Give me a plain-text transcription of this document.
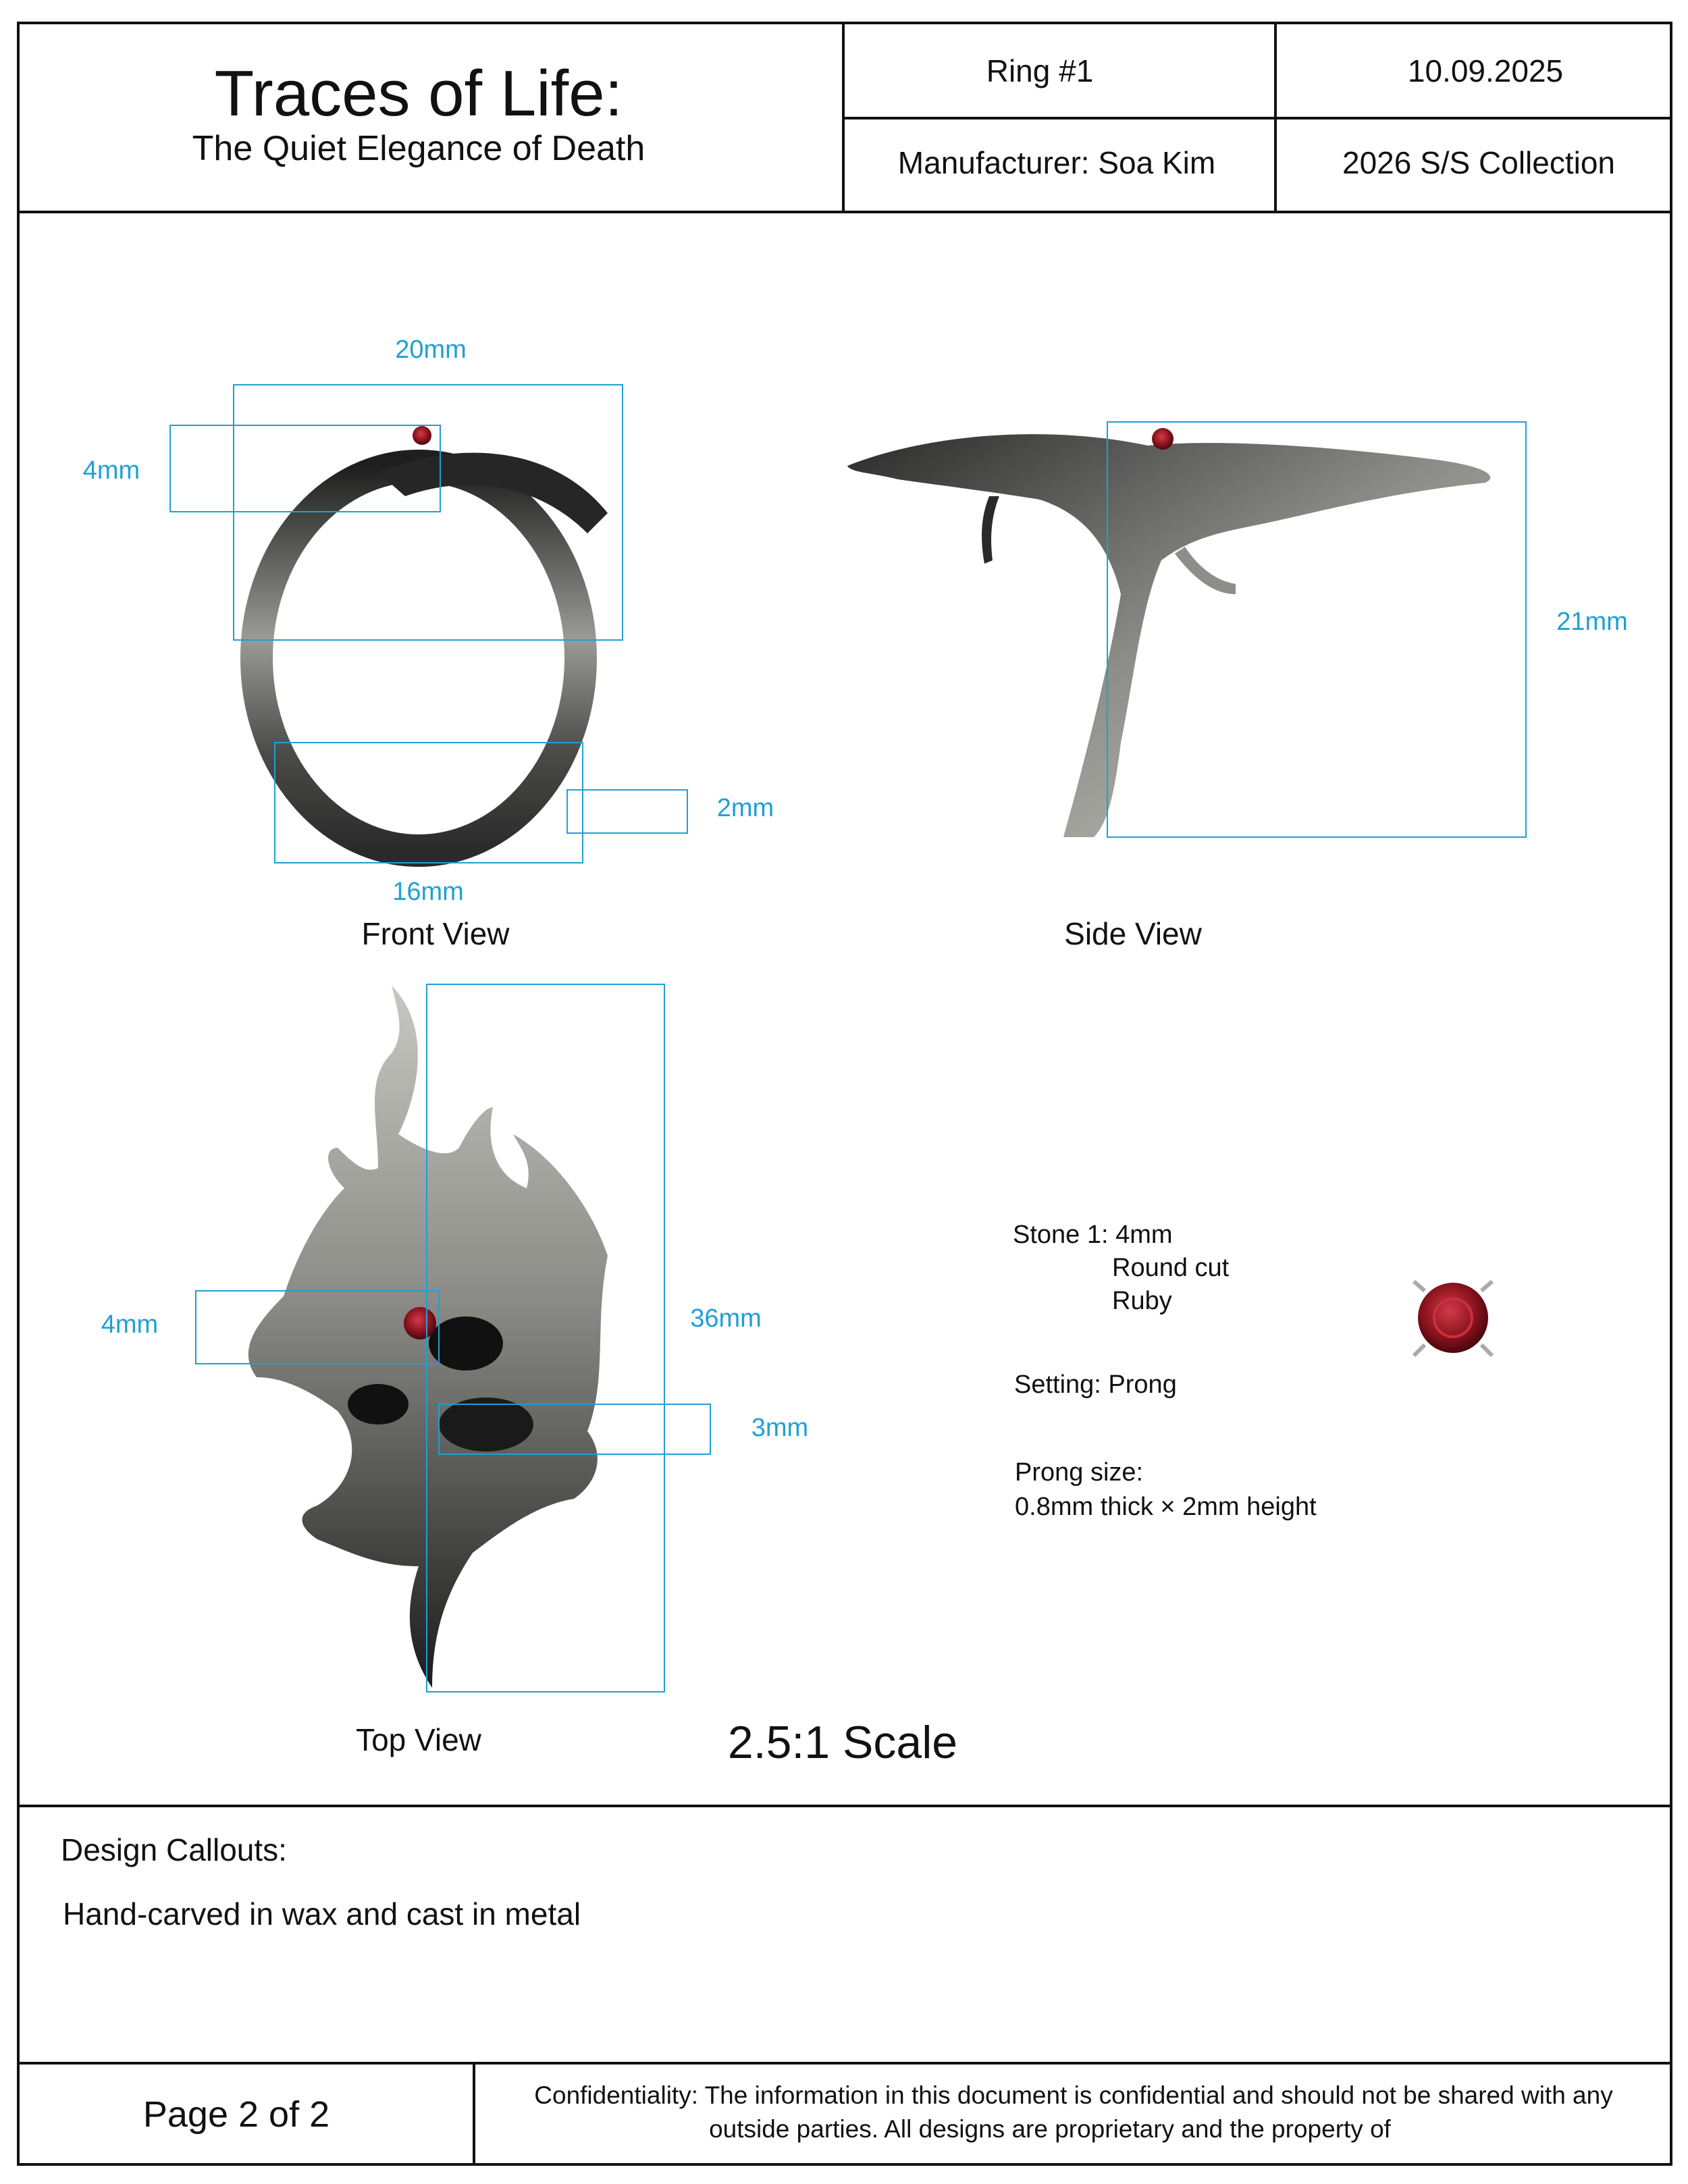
Traces of Life:
The Quiet Elegance of Death
Ring #1	10.09.2025
Manufacturer: Soa Kim	2026 S/S Collection
20mm
4mm
2mm
16mm
21mm
4mm	36mm
3mm
Front View	Side View
Top View	2.5:1 Scale
Stone 1: 4mm
Round cut
Ruby
Setting: Prong
Prong size:
0.8mm thick × 2mm height
Design Callouts:
Hand-carved in wax and cast in metal
Page 2 of 2	Confidentiality: The information in this document is confidential and should not be shared with any
outside parties. All designs are proprietary and the property of
